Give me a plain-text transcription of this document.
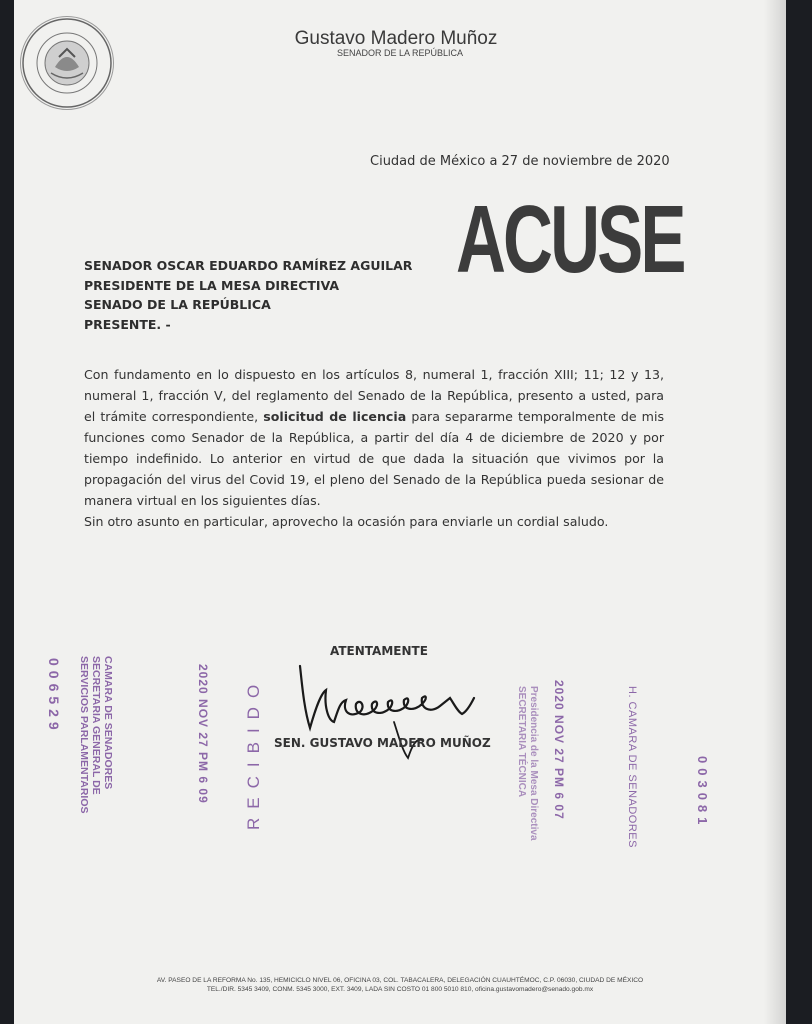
Gustavo Madero Muñoz
SENADOR DE LA REPÚBLICA
Ciudad de México a 27 de noviembre de 2020
ACUSE
SENADOR OSCAR EDUARDO RAMÍREZ AGUILAR
PRESIDENTE DE LA MESA DIRECTIVA
SENADO DE LA REPÚBLICA
PRESENTE. -
Con fundamento en lo dispuesto en los artículos 8, numeral 1, fracción XIII; 11; 12 y 13, numeral 1, fracción V, del reglamento del Senado de la República, presento a usted, para el trámite correspondiente, solicitud de licencia para separarme temporalmente de mis funciones como Senador de la República, a partir del día 4 de diciembre de 2020 y por tiempo indefinido. Lo anterior en virtud de que dada la situación que vivimos por la propagación del virus del Covid 19, el pleno del Senado de la República pueda sesionar de manera virtual en los siguientes días.
Sin otro asunto en particular, aprovecho la ocasión para enviarle un cordial saludo.
ATENTAMENTE
SEN. GUSTAVO MADERO MUÑOZ
006529	CAMARA DE SENADORES
SECRETARIA GENERAL DE
SERVICIOS PARLAMENTARIOS	2020 NOV 27 PM 6 09 RECIBIDO	Presidencia de la Mesa Directiva
SECRETARIA TÉCNICA 2020 NOV 27 PM 6 07	H. CAMARA DE SENADORES	003081
AV. PASEO DE LA REFORMA No. 135, HEMICICLO NIVEL 06, OFICINA 03, COL. TABACALERA, DELEGACIÓN CUAUHTÉMOC, C.P. 06030, CIUDAD DE MÉXICO
TEL./DIR. 5345 3409, CONM. 5345 3000, EXT. 3409, LADA SIN COSTO 01 800 5010 810, oficina.gustavomadero@senado.gob.mx
